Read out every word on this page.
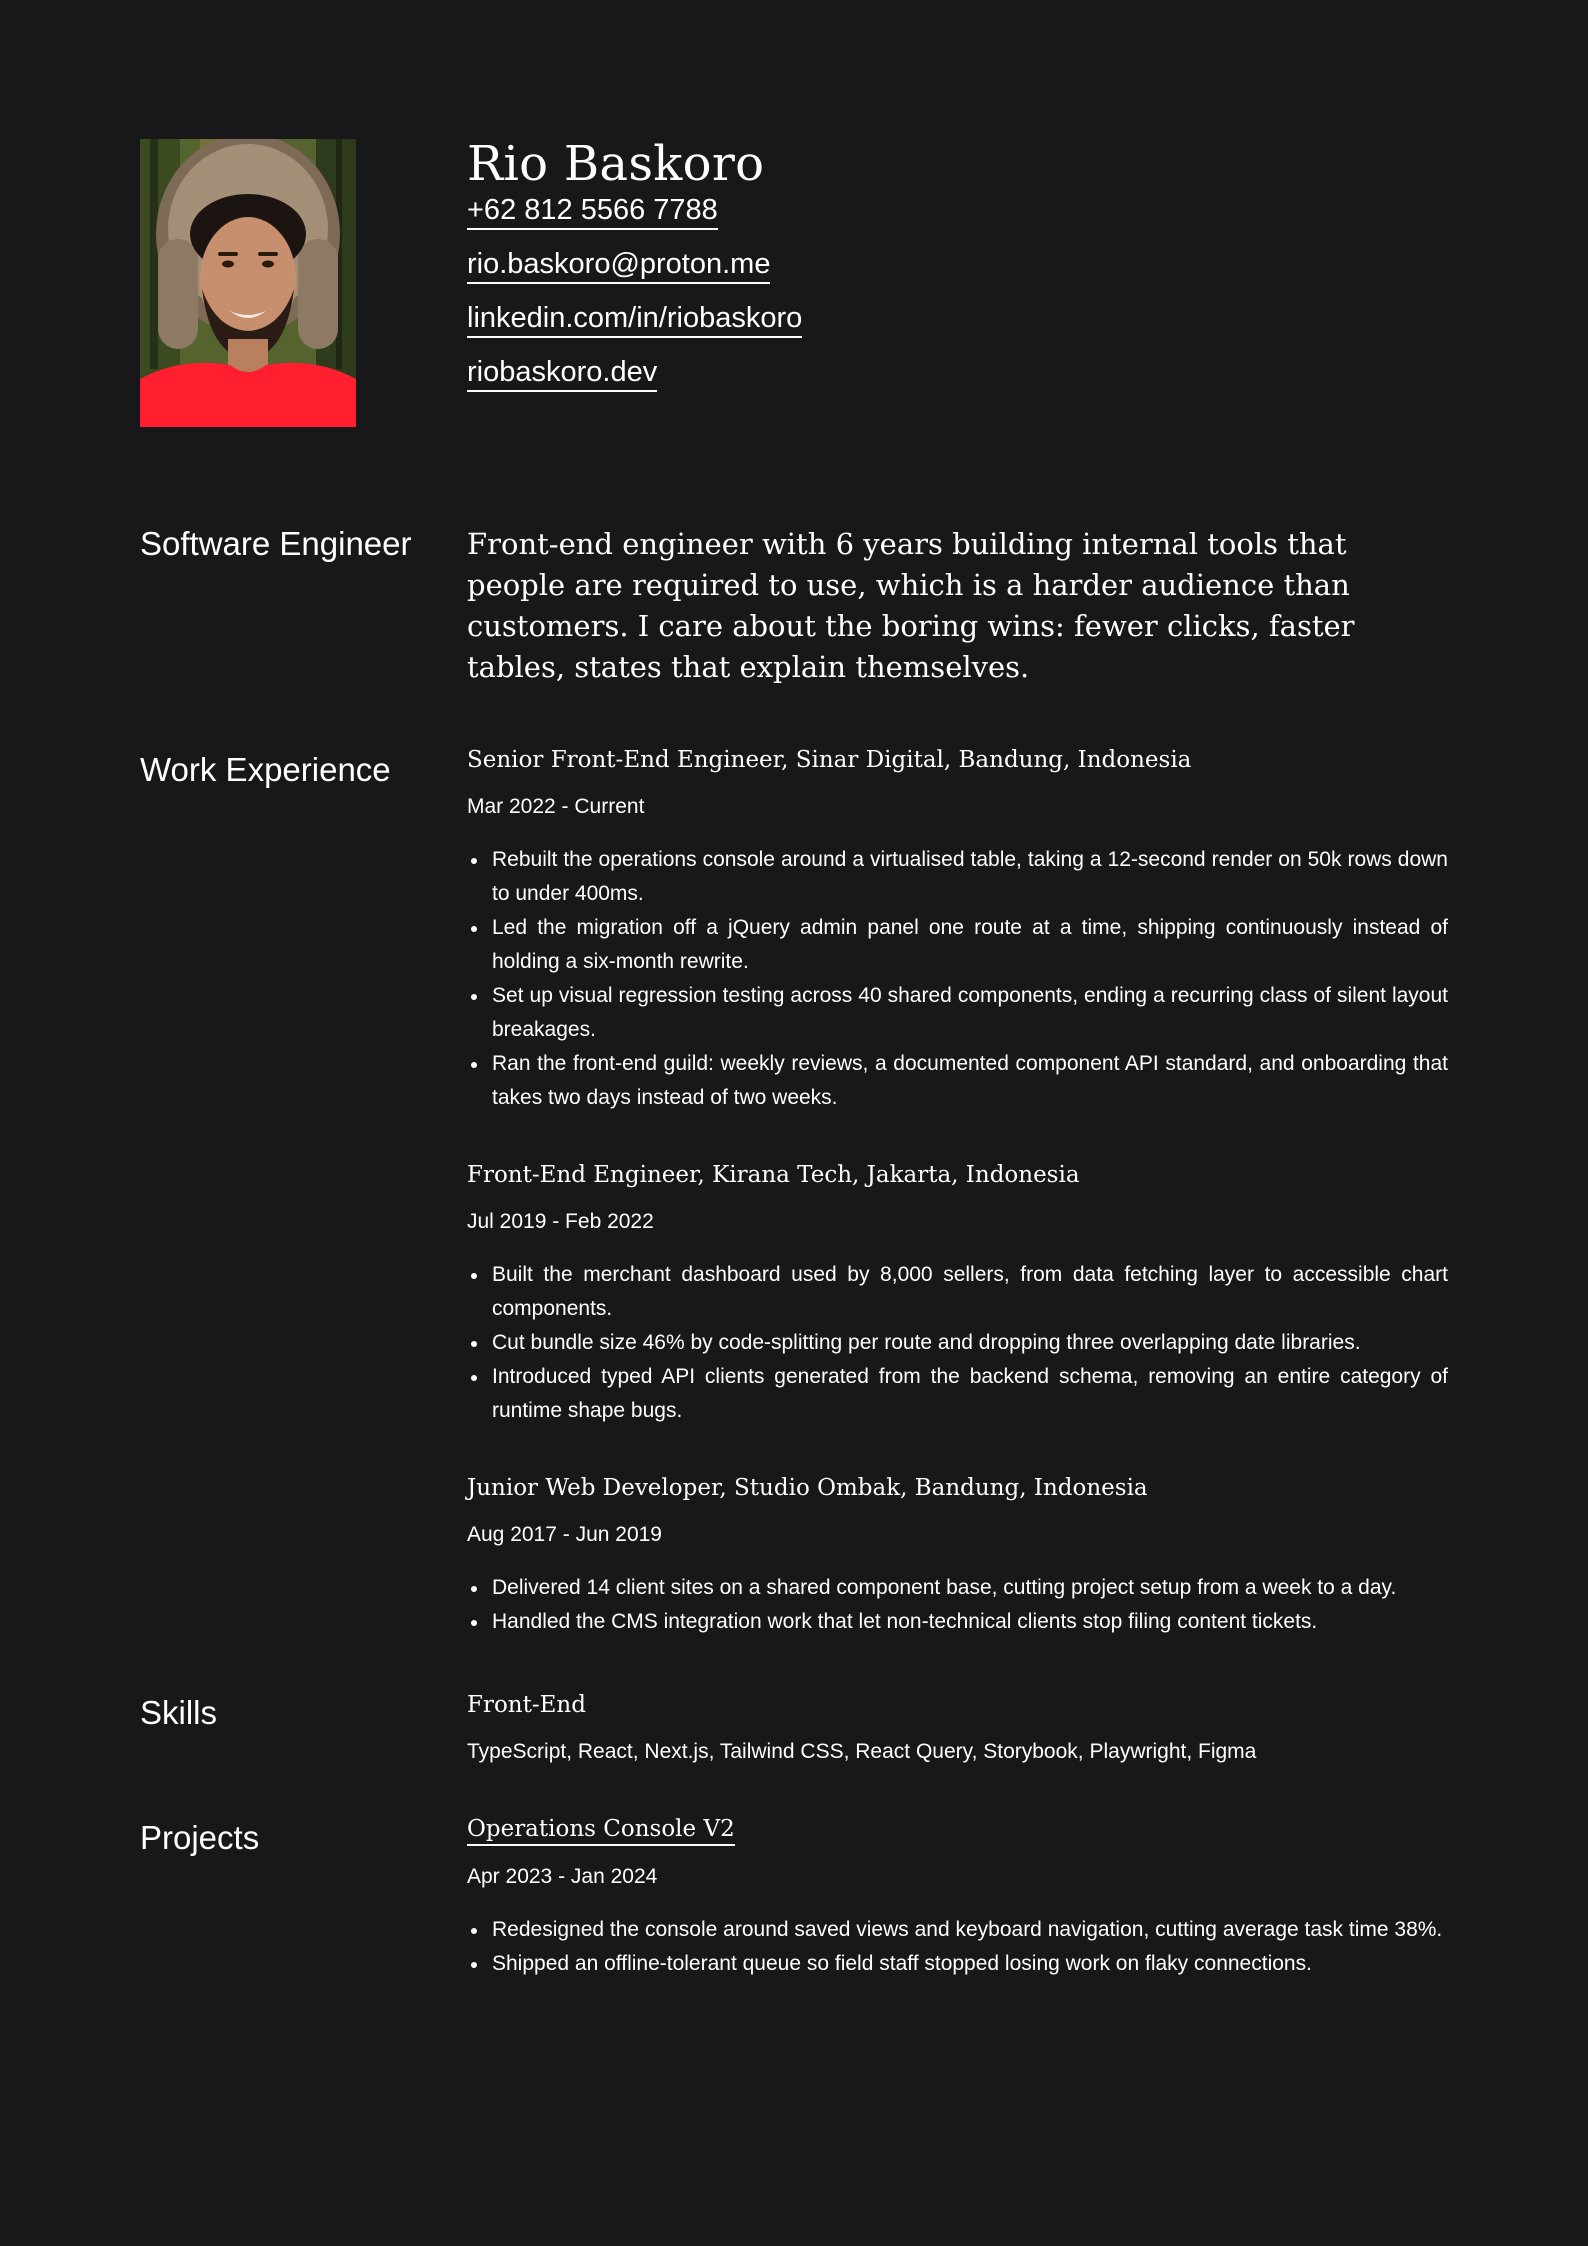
Rio Baskoro
+62 812 5566 7788
rio.baskoro@proton.me
linkedin.com/in/riobaskoro
riobaskoro.dev
Software Engineer	Front-end engineer with 6 years building internal tools that people are required to use, which is a harder audience than customers. I care about the boring wins: fewer clicks, faster tables, states that explain themselves.

Work Experience	Senior Front-End Engineer, Sinar Digital, Bandung, Indonesia
Mar 2022 - Current
Rebuilt the operations console around a virtualised table, taking a 12-second render on 50k rows down to under 400ms.
Led the migration off a jQuery admin panel one route at a time, shipping continuously instead of holding a six-month rewrite.
Set up visual regression testing across 40 shared components, ending a recurring class of silent layout breakages.
Ran the front-end guild: weekly reviews, a documented component API standard, and onboarding that takes two days instead of two weeks.
Front-End Engineer, Kirana Tech, Jakarta, Indonesia
Jul 2019 - Feb 2022
Built the merchant dashboard used by 8,000 sellers, from data fetching layer to accessible chart components.
Cut bundle size 46% by code-splitting per route and dropping three overlapping date libraries.
Introduced typed API clients generated from the backend schema, removing an entire category of runtime shape bugs.
Junior Web Developer, Studio Ombak, Bandung, Indonesia
Aug 2017 - Jun 2019
Delivered 14 client sites on a shared component base, cutting project setup from a week to a day.
Handled the CMS integration work that let non-technical clients stop filing content tickets.
Skills	Front-End
TypeScript, React, Next.js, Tailwind CSS, React Query, Storybook, Playwright, Figma
Projects	Operations Console V2
Apr 2023 - Jan 2024
Redesigned the console around saved views and keyboard navigation, cutting average task time 38%.
Shipped an offline-tolerant queue so field staff stopped losing work on flaky connections.
